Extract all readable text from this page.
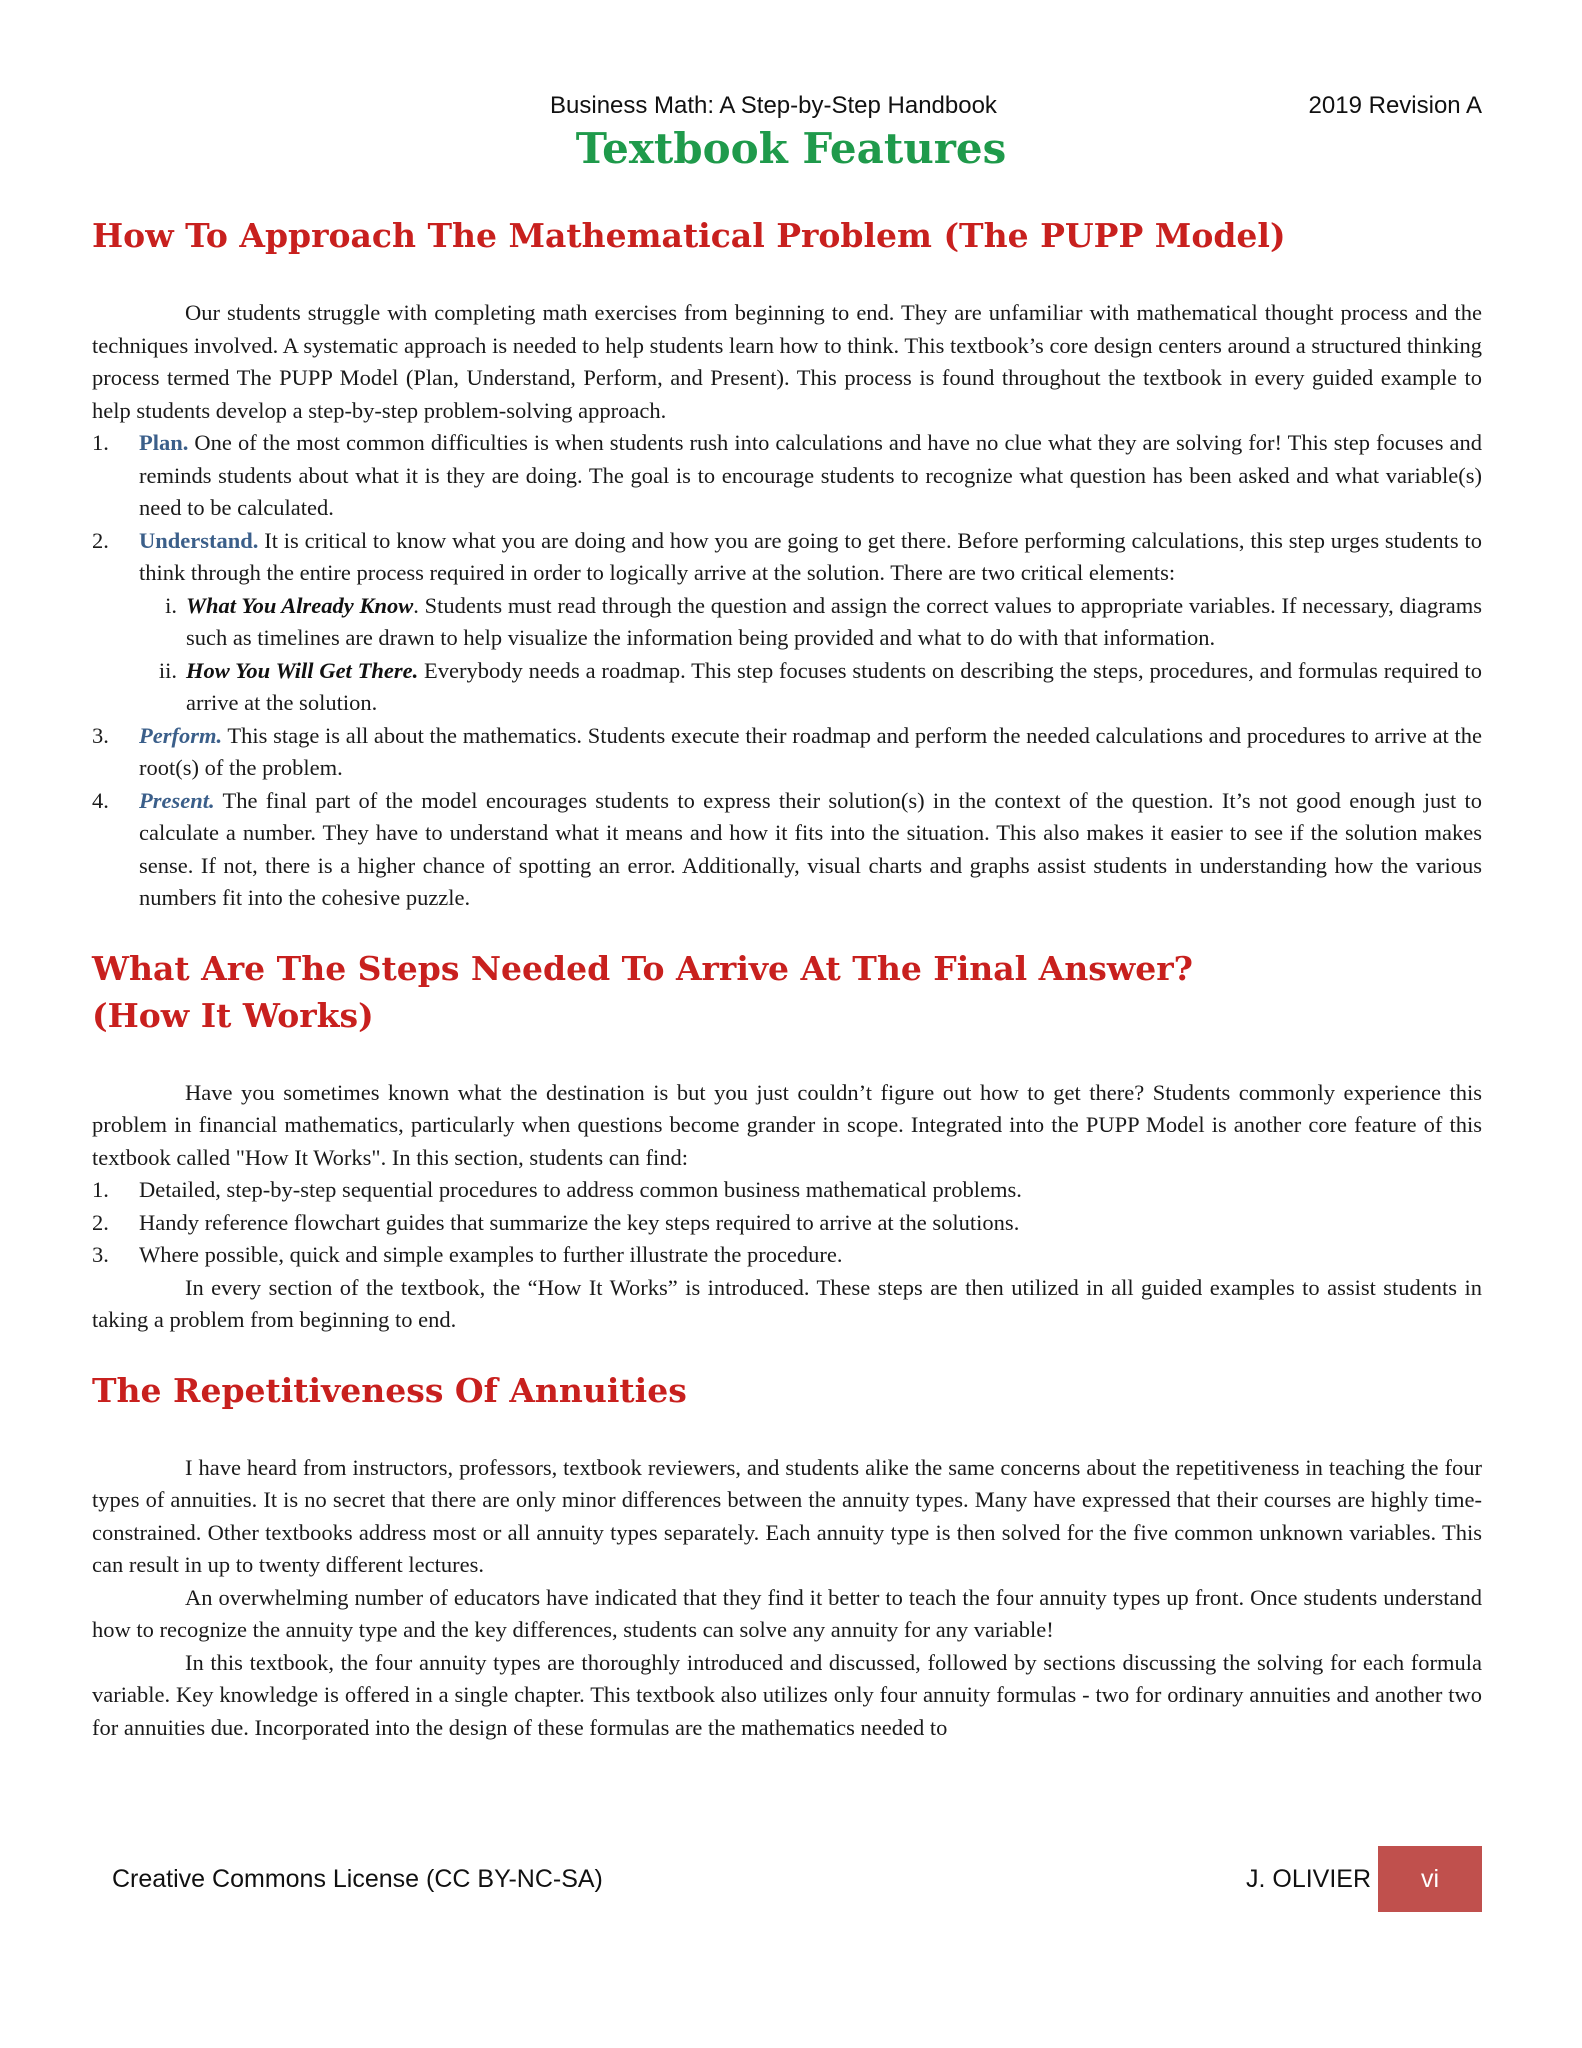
Business Math: A Step-by-Step Handbook	2019 Revision A
Textbook Features
How To Approach The Mathematical Problem (The PUPP Model)

Our students struggle with completing math exercises from beginning to end. They are unfamiliar with mathematical thought process and the techniques involved. A systematic approach is needed to help students learn how to think. This textbook’s core design centers around a structured thinking process termed The PUPP Model (Plan, Understand, Perform, and Present). This process is found throughout the textbook in every guided example to help students develop a step-by-step problem-solving approach.

1. Plan. One of the most common difficulties is when students rush into calculations and have no clue what they are solving for! This step focuses and reminds students about what it is they are doing. The goal is to encourage students to recognize what question has been asked and what variable(s) need to be calculated.
2. Understand. It is critical to know what you are doing and how you are going to get there. Before performing calculations, this step urges students to think through the entire process required in order to logically arrive at the solution. There are two critical elements:
i. What You Already Know. Students must read through the question and assign the correct values to appropriate variables. If necessary, diagrams such as timelines are drawn to help visualize the information being provided and what to do with that information.
ii. How You Will Get There. Everybody needs a roadmap. This step focuses students on describing the steps, procedures, and formulas required to arrive at the solution.
3. Perform. This stage is all about the mathematics. Students execute their roadmap and perform the needed calculations and procedures to arrive at the root(s) of the problem.
4. Present. The final part of the model encourages students to express their solution(s) in the context of the question. It’s not good enough just to calculate a number. They have to understand what it means and how it fits into the situation. This also makes it easier to see if the solution makes sense. If not, there is a higher chance of spotting an error. Additionally, visual charts and graphs assist students in understanding how the various numbers fit into the cohesive puzzle.
What Are The Steps Needed To Arrive At The Final Answer?
(How It Works)

Have you sometimes known what the destination is but you just couldn’t figure out how to get there? Students commonly experience this problem in financial mathematics, particularly when questions become grander in scope. Integrated into the PUPP Model is another core feature of this textbook called "How It Works". In this section, students can find:

1. Detailed, step-by-step sequential procedures to address common business mathematical problems.
2. Handy reference flowchart guides that summarize the key steps required to arrive at the solutions.
3. Where possible, quick and simple examples to further illustrate the procedure.

In every section of the textbook, the “How It Works” is introduced. These steps are then utilized in all guided examples to assist students in taking a problem from beginning to end.

The Repetitiveness Of Annuities

I have heard from instructors, professors, textbook reviewers, and students alike the same concerns about the repetitiveness in teaching the four types of annuities. It is no secret that there are only minor differences between the annuity types. Many have expressed that their courses are highly time-constrained. Other textbooks address most or all annuity types separately. Each annuity type is then solved for the five common unknown variables. This can result in up to twenty different lectures.

An overwhelming number of educators have indicated that they find it better to teach the four annuity types up front. Once students understand how to recognize the annuity type and the key differences, students can solve any annuity for any variable!

In this textbook, the four annuity types are thoroughly introduced and discussed, followed by sections discussing the solving for each formula variable. Key knowledge is offered in a single chapter. This textbook also utilizes only four annuity formulas - two for ordinary annuities and another two for annuities due. Incorporated into the design of these formulas are the mathematics needed to

Creative Commons License (CC BY-NC-SA)	J. OLIVIER	vi
